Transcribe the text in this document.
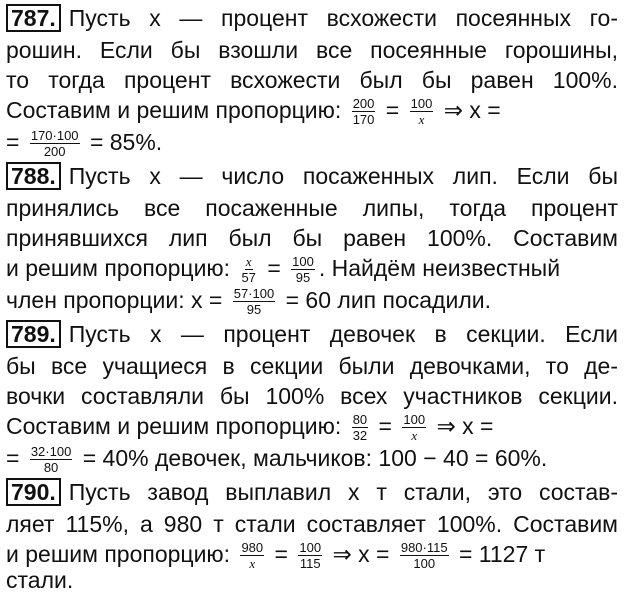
787. Пусть x — процент всхожести посеянных го-
рошин. Если бы взошли все посеянные горошины,
то тогда процент всхожести был бы равен 100%.
Составим и решим пропорцию: $\frac{200}{170} = \frac{100}{x}$ ⇒ x =
= $\frac{170\cdot 100}{200} = 85\%$.
788. Пусть x — число посаженных лип. Если бы
принялись все посаженные липы, тогда процент
принявшихся лип был бы равен 100%. Составим
и решим пропорцию: $\frac{x}{57} = \frac{100}{95}$ . Найдём неизвестный
член пропорции: $x = \frac{57\cdot 100}{95} = 60$ лип посадили.
789. Пусть x — процент девочек в секции. Если
бы все учащиеся в секции были девочками, то де-
вочки составляли бы 100% всех участников секции.
Составим и решим пропорцию: $\frac{80}{32} = \frac{100}{x}$ ⇒ x =
= $\frac{32\cdot 100}{80} = 40\%$ девочек, мальчиков: 100 − 40 = 60%.
790. Пусть завод выплавил x т стали, это состав-
ляет 115%, а 980 т стали составляет 100%. Составим
и решим пропорцию: $\frac{980}{x} = \frac{100}{115}$ ⇒ $x = \frac{980\cdot 115}{100} = 1127$ т
стали.
